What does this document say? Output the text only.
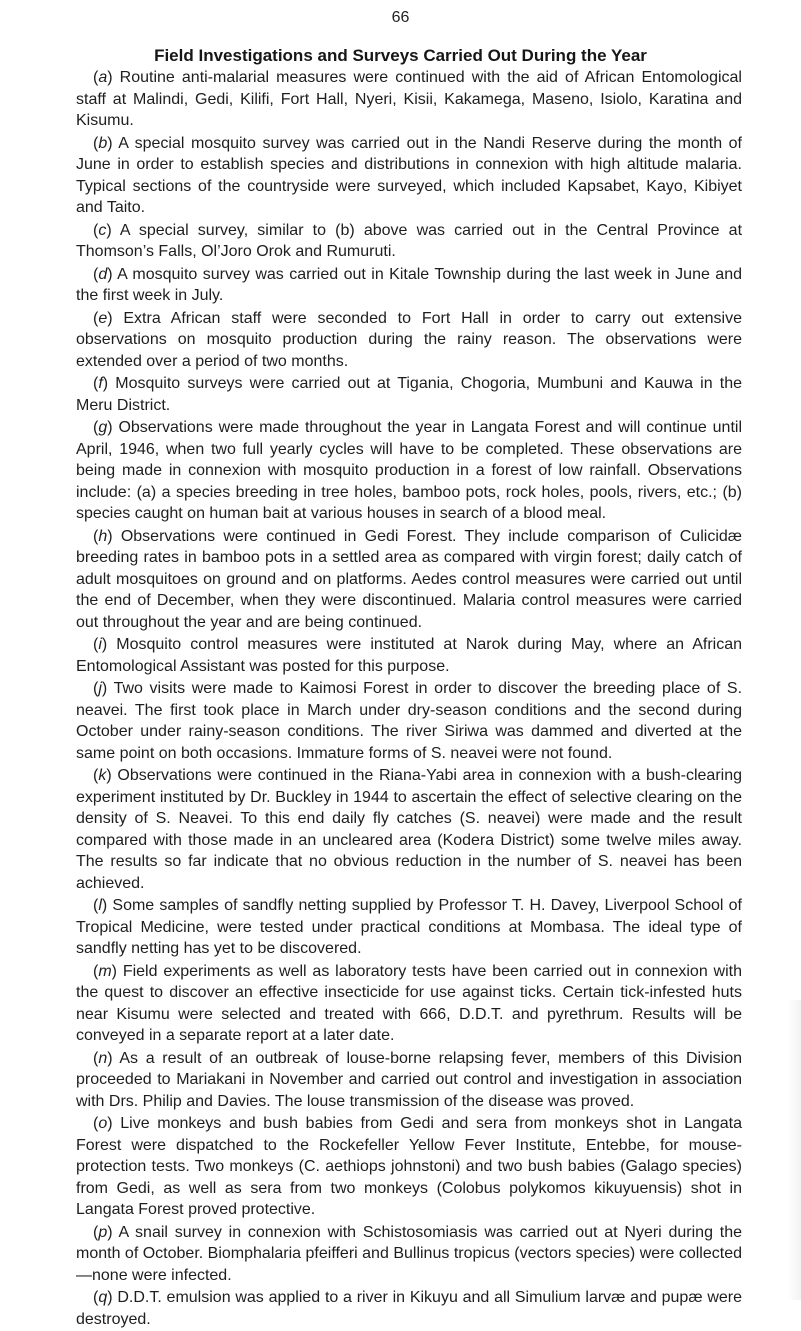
66
Field Investigations and Surveys Carried Out During the Year

(a) Routine anti-malarial measures were continued with the aid of African Entomological staff at Malindi, Gedi, Kilifi, Fort Hall, Nyeri, Kisii, Kakamega, Maseno, Isiolo, Karatina and Kisumu.

(b) A special mosquito survey was carried out in the Nandi Reserve during the month of June in order to establish species and distributions in connexion with high altitude malaria. Typical sections of the countryside were surveyed, which included Kapsabet, Kayo, Kibiyet and Taito.

(c) A special survey, similar to (b) above was carried out in the Central Province at Thomson’s Falls, Ol’Joro Orok and Rumuruti.

(d) A mosquito survey was carried out in Kitale Township during the last week in June and the first week in July.

(e) Extra African staff were seconded to Fort Hall in order to carry out extensive observations on mosquito production during the rainy reason. The observations were extended over a period of two months.

(f) Mosquito surveys were carried out at Tigania, Chogoria, Mumbuni and Kauwa in the Meru District.

(g) Observations were made throughout the year in Langata Forest and will continue until April, 1946, when two full yearly cycles will have to be completed. These observations are being made in connexion with mosquito production in a forest of low rainfall. Observations include: (a) a species breeding in tree holes, bamboo pots, rock holes, pools, rivers, etc.; (b) species caught on human bait at various houses in search of a blood meal.

(h) Observations were continued in Gedi Forest. They include comparison of Culicidæ breeding rates in bamboo pots in a settled area as compared with virgin forest; daily catch of adult mosquitoes on ground and on platforms. Aedes control measures were carried out until the end of December, when they were discontinued. Malaria control measures were carried out throughout the year and are being continued.

(i) Mosquito control measures were instituted at Narok during May, where an African Entomological Assistant was posted for this purpose.

(j) Two visits were made to Kaimosi Forest in order to discover the breeding place of S. neavei. The first took place in March under dry-season conditions and the second during October under rainy-season conditions. The river Siriwa was dammed and diverted at the same point on both occasions. Immature forms of S. neavei were not found.

(k) Observations were continued in the Riana-Yabi area in connexion with a bush-clearing experiment instituted by Dr. Buckley in 1944 to ascertain the effect of selective clearing on the density of S. Neavei. To this end daily fly catches (S. neavei) were made and the result compared with those made in an uncleared area (Kodera District) some twelve miles away. The results so far indicate that no obvious reduction in the number of S. neavei has been achieved.

(l) Some samples of sandfly netting supplied by Professor T. H. Davey, Liverpool School of Tropical Medicine, were tested under practical conditions at Mombasa. The ideal type of sandfly netting has yet to be discovered.

(m) Field experiments as well as laboratory tests have been carried out in connexion with the quest to discover an effective insecticide for use against ticks. Certain tick-infested huts near Kisumu were selected and treated with 666, D.D.T. and pyrethrum. Results will be conveyed in a separate report at a later date.

(n) As a result of an outbreak of louse-borne relapsing fever, members of this Division proceeded to Mariakani in November and carried out control and investigation in association with Drs. Philip and Davies. The louse transmission of the disease was proved.

(o) Live monkeys and bush babies from Gedi and sera from monkeys shot in Langata Forest were dispatched to the Rockefeller Yellow Fever Institute, Entebbe, for mouse-protection tests. Two monkeys (C. aethiops johnstoni) and two bush babies (Galago species) from Gedi, as well as sera from two monkeys (Colobus polykomos kikuyuensis) shot in Langata Forest proved protective.

(p) A snail survey in connexion with Schistosomiasis was carried out at Nyeri during the month of October. Biomphalaria pfeifferi and Bullinus tropicus (vectors species) were collected—none were infected.

(q) D.D.T. emulsion was applied to a river in Kikuyu and all Simulium larvæ and pupæ were destroyed.
